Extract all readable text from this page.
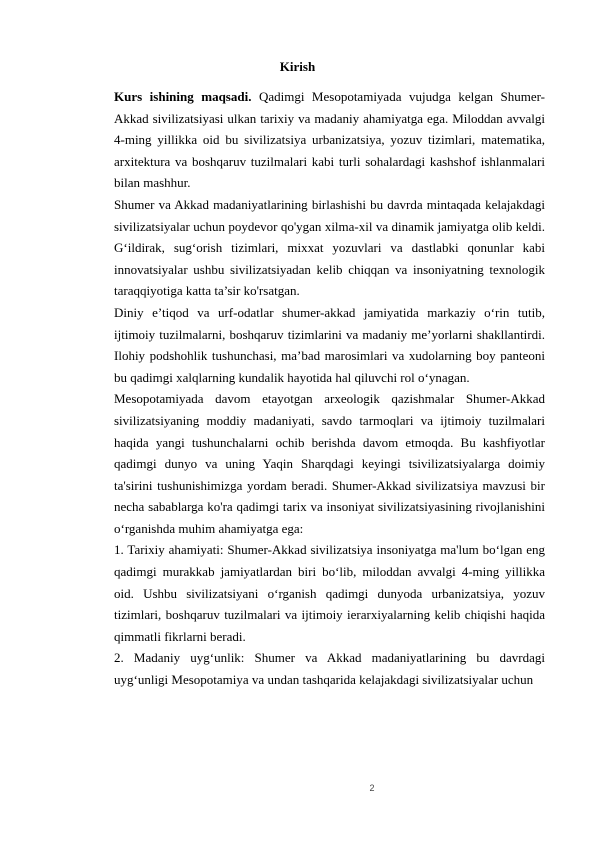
Kirish

Kurs ishining maqsadi. Qadimgi Mesopotamiyada vujudga kelgan Shumer-Akkad sivilizatsiyasi ulkan tarixiy va madaniy ahamiyatga ega. Miloddan avvalgi 4-ming yillikka oid bu sivilizatsiya urbanizatsiya, yozuv tizimlari, matematika, arxitektura va boshqaruv tuzilmalari kabi turli sohalardagi kashshof ishlanmalari bilan mashhur.

Shumer va Akkad madaniyatlarining birlashishi bu davrda mintaqada kelajakdagi sivilizatsiyalar uchun poydevor qo'ygan xilma-xil va dinamik jamiyatga olib keldi. G‘ildirak, sug‘orish tizimlari, mixxat yozuvlari va dastlabki qonunlar kabi innovatsiyalar ushbu sivilizatsiyadan kelib chiqqan va insoniyatning texnologik taraqqiyotiga katta ta’sir ko'rsatgan.

Diniy e’tiqod va urf-odatlar shumer-akkad jamiyatida markaziy o‘rin tutib, ijtimoiy tuzilmalarni, boshqaruv tizimlarini va madaniy me’yorlarni shakllantirdi. Ilohiy podshohlik tushunchasi, ma’bad marosimlari va xudolarning boy panteoni bu qadimgi xalqlarning kundalik hayotida hal qiluvchi rol o‘ynagan.

Mesopotamiyada davom etayotgan arxeologik qazishmalar Shumer-Akkad sivilizatsiyaning moddiy madaniyati, savdo tarmoqlari va ijtimoiy tuzilmalari haqida yangi tushunchalarni ochib berishda davom etmoqda. Bu kashfiyotlar qadimgi dunyo va uning Yaqin Sharqdagi keyingi tsivilizatsiyalarga doimiy ta'sirini tushunishimizga yordam beradi. Shumer-Akkad sivilizatsiya mavzusi bir necha sabablarga ko'ra qadimgi tarix va insoniyat sivilizatsiyasining rivojlanishini o‘rganishda muhim ahamiyatga ega:

1. Tarixiy ahamiyati: Shumer-Akkad sivilizatsiya insoniyatga ma'lum bo‘lgan eng qadimgi murakkab jamiyatlardan biri bo‘lib, miloddan avvalgi 4-ming yillikka oid. Ushbu sivilizatsiyani o‘rganish qadimgi dunyoda urbanizatsiya, yozuv tizimlari, boshqaruv tuzilmalari va ijtimoiy ierarxiyalarning kelib chiqishi haqida qimmatli fikrlarni beradi.

2. Madaniy uyg‘unlik: Shumer va Akkad madaniyatlarining bu davrdagi uyg‘unligi Mesopotamiya va undan tashqarida kelajakdagi sivilizatsiyalar uchun

2
